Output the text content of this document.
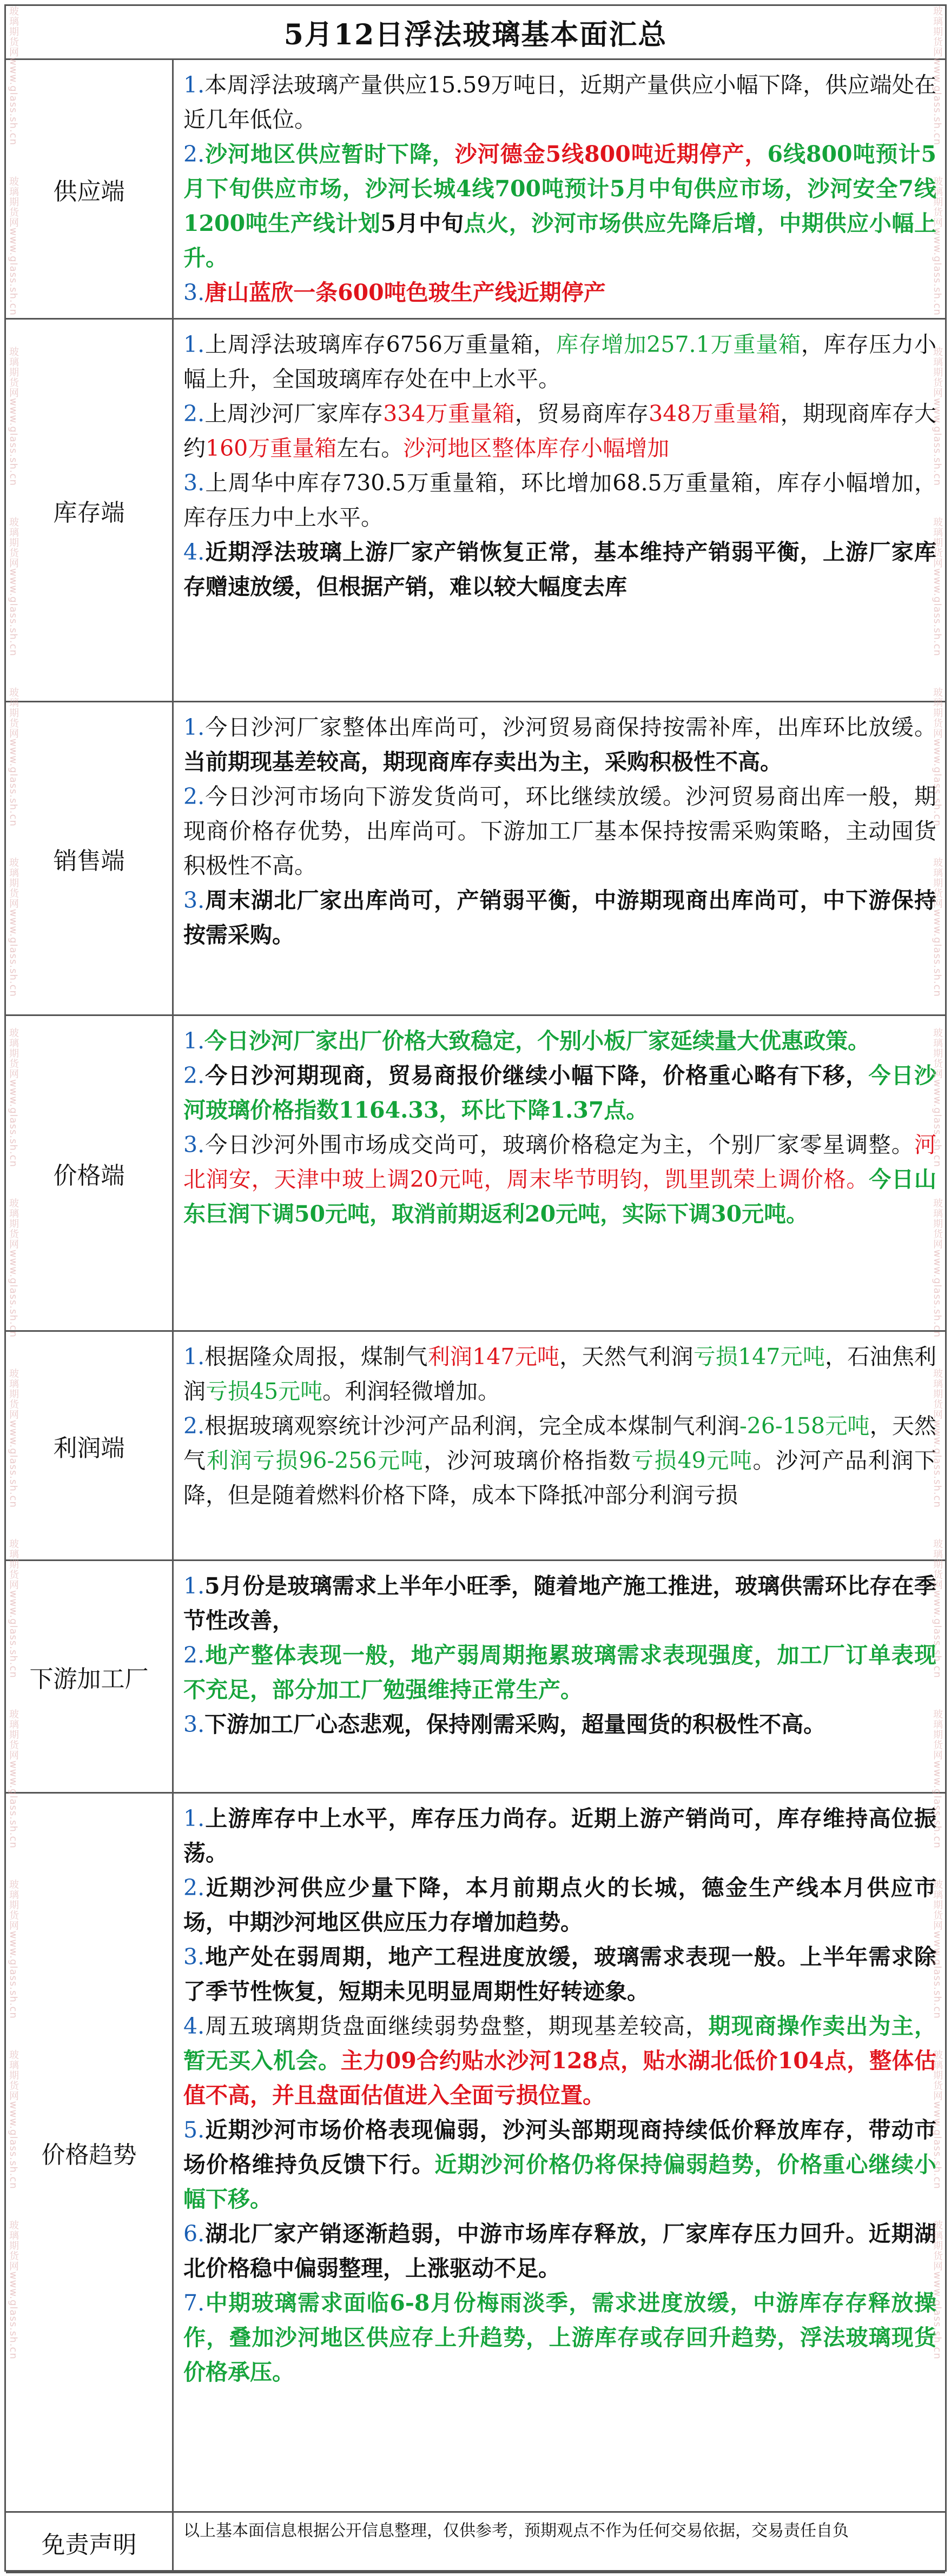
5月12日浮法玻璃基本面汇总
供应端

1.本周浮法玻璃产量供应15.59万吨日，近期产量供应小幅下降，供应端处在近几年低位。

2.沙河地区供应暂时下降，沙河德金5线800吨近期停产，6线800吨预计5月下旬供应市场，沙河长城4线700吨预计5月中旬供应市场，沙河安全7线1200吨生产线计划5月中旬点火，沙河市场供应先降后增，中期供应小幅上升。

3.唐山蓝欣一条600吨色玻生产线近期停产

库存端

1.上周浮法玻璃库存6756万重量箱，库存增加257.1万重量箱，库存压力小幅上升，全国玻璃库存处在中上水平。

2.上周沙河厂家库存334万重量箱，贸易商库存348万重量箱，期现商库存大约160万重量箱左右。沙河地区整体库存小幅增加

3.上周华中库存730.5万重量箱，环比增加68.5万重量箱，库存小幅增加，库存压力中上水平。

4.近期浮法玻璃上游厂家产销恢复正常，基本维持产销弱平衡，上游厂家库存赠速放缓，但根据产销，难以较大幅度去库

销售端

1.今日沙河厂家整体出库尚可，沙河贸易商保持按需补库，出库环比放缓。当前期现基差较高，期现商库存卖出为主，采购积极性不高。

2.今日沙河市场向下游发货尚可，环比继续放缓。沙河贸易商出库一般，期现商价格存优势，出库尚可。下游加工厂基本保持按需采购策略，主动囤货积极性不高。

3.周末湖北厂家出库尚可，产销弱平衡，中游期现商出库尚可，中下游保持按需采购。

价格端

1.今日沙河厂家出厂价格大致稳定，个别小板厂家延续量大优惠政策。

2.今日沙河期现商，贸易商报价继续小幅下降，价格重心略有下移，今日沙河玻璃价格指数1164.33，环比下降1.37点。

3.今日沙河外围市场成交尚可，玻璃价格稳定为主，个别厂家零星调整。河北润安，天津中玻上调20元吨，周末毕节明钧，凯里凯荣上调价格。今日山东巨润下调50元吨，取消前期返利20元吨，实际下调30元吨。

利润端

1.根据隆众周报，煤制气利润147元吨，天然气利润亏损147元吨，石油焦利润亏损45元吨。利润轻微增加。

2.根据玻璃观察统计沙河产品利润，完全成本煤制气利润-26-158元吨，天然气利润亏损96-256元吨，沙河玻璃价格指数亏损49元吨。沙河产品利润下降，但是随着燃料价格下降，成本下降抵冲部分利润亏损

下游加工厂

1.5月份是玻璃需求上半年小旺季，随着地产施工推进，玻璃供需环比存在季节性改善，

2.地产整体表现一般，地产弱周期拖累玻璃需求表现强度，加工厂订单表现不充足，部分加工厂勉强维持正常生产。

3.下游加工厂心态悲观，保持刚需采购，超量囤货的积极性不高。

价格趋势

1.上游库存中上水平，库存压力尚存。近期上游产销尚可，库存维持高位振荡。

2.近期沙河供应少量下降，本月前期点火的长城，德金生产线本月供应市场，中期沙河地区供应压力存增加趋势。

3.地产处在弱周期，地产工程进度放缓，玻璃需求表现一般。上半年需求除了季节性恢复，短期未见明显周期性好转迹象。

4.周五玻璃期货盘面继续弱势盘整，期现基差较高，期现商操作卖出为主，暂无买入机会。主力09合约贴水沙河128点，贴水湖北低价104点，整体估值不高，并且盘面估值进入全面亏损位置。

5.近期沙河市场价格表现偏弱，沙河头部期现商持续低价释放库存，带动市场价格维持负反馈下行。近期沙河价格仍将保持偏弱趋势，价格重心继续小幅下移。

6.湖北厂家产销逐渐趋弱，中游市场库存释放，厂家库存压力回升。近期湖北价格稳中偏弱整理，上涨驱动不足。

7.中期玻璃需求面临6-8月份梅雨淡季，需求进度放缓，中游库存存释放操作，叠加沙河地区供应存上升趋势，上游库存或存回升趋势，浮法玻璃现货价格承压。

免责声明	以上基本面信息根据公开信息整理，仅供参考，预期观点不作为任何交易依据，交易责任自负

玻璃期货网www.glass.sh.cn　　　玻璃期货网www.glass.sh.cn　　　玻璃期货网www.glass.sh.cn　　　玻璃期货网www.glass.sh.cn　　　玻璃期货网www.glass.sh.cn　　　玻璃期货网www.glass.sh.cn　　　玻璃期货网www.glass.sh.cn　　　玻璃期货网www.glass.sh.cn　　　玻璃期货网www.glass.sh.cn　　　玻璃期货网www.glass.sh.cn　　　玻璃期货网www.glass.sh.cn　　　玻璃期货网www.glass.sh.cn　　　玻璃期货网www.glass.sh.cn　　　玻璃期货网www.glass.sh.cn	玻璃期货网www.glass.sh.cn　　　玻璃期货网www.glass.sh.cn　　　玻璃期货网www.glass.sh.cn　　　玻璃期货网www.glass.sh.cn　　　玻璃期货网www.glass.sh.cn　　　玻璃期货网www.glass.sh.cn　　　玻璃期货网www.glass.sh.cn　　　玻璃期货网www.glass.sh.cn　　　玻璃期货网www.glass.sh.cn　　　玻璃期货网www.glass.sh.cn　　　玻璃期货网www.glass.sh.cn　　　玻璃期货网www.glass.sh.cn　　　玻璃期货网www.glass.sh.cn　　　玻璃期货网www.glass.sh.cn
